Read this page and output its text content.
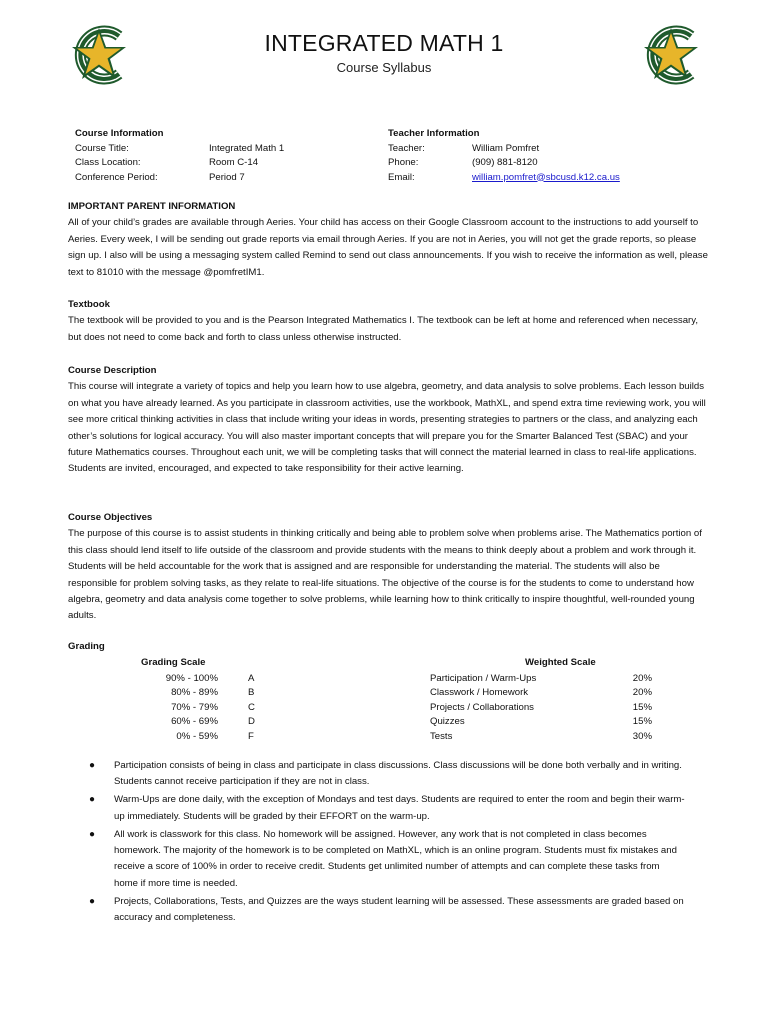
INTEGRATED MATH 1
Course Syllabus
Course Information
Course Title:	Integrated Math 1
Class Location:	Room C-14
Conference Period:	Period 7
Teacher Information
Teacher:	William Pomfret
Phone:	(909) 881-8120
Email:	william.pomfret@sbcusd.k12.ca.us
IMPORTANT PARENT INFORMATION

All of your child’s grades are available through Aeries. Your child has access on their Google Classroom account to the instructions to add yourself to Aeries. Every week, I will be sending out grade reports via email through Aeries. If you are not in Aeries, you will not get the grade reports, so please sign up. I also will be using a messaging system called Remind to send out class announcements. If you wish to receive the information as well, please text to 81010 with the message @pomfretIM1.

Textbook

The textbook will be provided to you and is the Pearson Integrated Mathematics I. The textbook can be left at home and referenced when necessary, but does not need to come back and forth to class unless otherwise instructed.

Course Description

This course will integrate a variety of topics and help you learn how to use algebra, geometry, and data analysis to solve problems. Each lesson builds on what you have already learned. As you participate in classroom activities, use the workbook, MathXL, and spend extra time reviewing work, you will see more critical thinking activities in class that include writing your ideas in words, presenting strategies to partners or the class, and analyzing each other’s solutions for logical accuracy. You will also master important concepts that will prepare you for the Smarter Balanced Test (SBAC) and your future Mathematics courses. Throughout each unit, we will be completing tasks that will connect the material learned in class to real-life applications. Students are invited, encouraged, and expected to take responsibility for their active learning.

Course Objectives

The purpose of this course is to assist students in thinking critically and being able to problem solve when problems arise. The Mathematics portion of this class should lend itself to life outside of the classroom and provide students with the means to think deeply about a problem and work through it. Students will be held accountable for the work that is assigned and are responsible for understanding the material. The students will also be responsible for problem solving tasks, as they relate to real-life situations. The objective of the course is for the students to come to understand how algebra, geometry and data analysis come together to solve problems, while learning how to think critically to inspire thoughtful, well-rounded young adults.

Grading
Grading Scale	Weighted Scale
90% - 100%	A
80% - 89%	B
70% - 79%	C
60% - 69%	D
0% - 59%	F
Participation / Warm-Ups	20%
Classwork / Homework	20%
Projects / Collaborations	15%
Quizzes	15%
Tests	30%
● Participation consists of being in class and participate in class discussions. Class discussions will be done both verbally and in writing. Students cannot receive participation if they are not in class.
● Warm-Ups are done daily, with the exception of Mondays and test days. Students are required to enter the room and begin their warm-up immediately. Students will be graded by their EFFORT on the warm-up.
● All work is classwork for this class. No homework will be assigned. However, any work that is not completed in class becomes homework. The majority of the homework is to be completed on MathXL, which is an online program. Students must fix mistakes and receive a score of 100% in order to receive credit. Students get unlimited number of attempts and can complete these tasks from home if more time is needed.
● Projects, Collaborations, Tests, and Quizzes are the ways student learning will be assessed. These assessments are graded based on accuracy and completeness.
